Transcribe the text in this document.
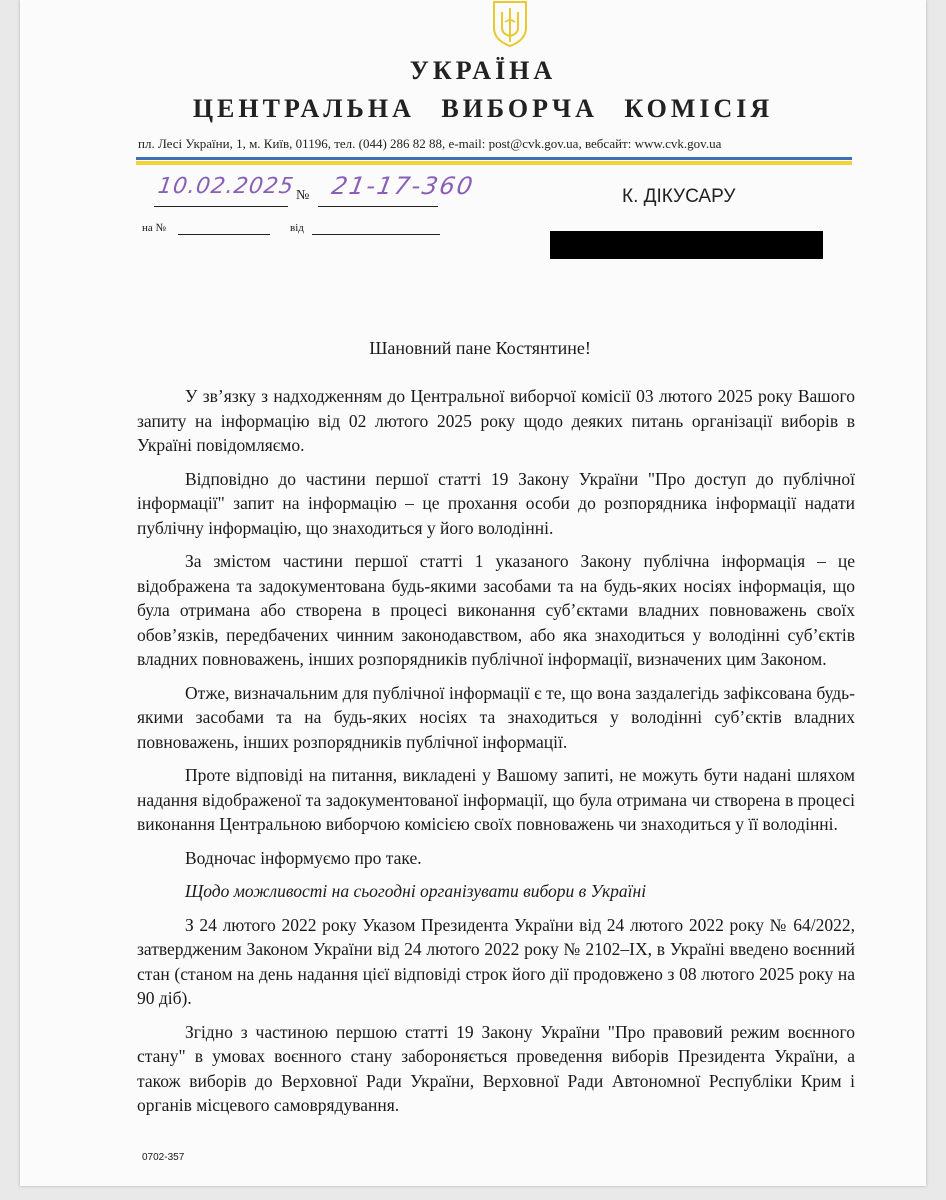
УКРАЇНА
ЦЕНТРАЛЬНА ВИБОРЧА КОМІСІЯ
пл. Лесі України, 1, м. Київ, 01196, тел. (044) 286 82 88, e-mail: post@cvk.gov.ua, вебсайт: www.cvk.gov.ua
10.02.2025 № 21-17-360
на №	від
К. ДІКУСАРУ
Шановний пане Костянтине!

У зв’язку з надходженням до Центральної виборчої комісії 03 лютого 2025 року Вашого запиту на інформацію від 02 лютого 2025 року щодо деяких питань організації виборів в Україні повідомляємо.

Відповідно до частини першої статті 19 Закону України "Про доступ до публічної інформації" запит на інформацію – це прохання особи до розпорядника інформації надати публічну інформацію, що знаходиться у його володінні.

За змістом частини першої статті 1 указаного Закону публічна інформація – це відображена та задокументована будь-якими засобами та на будь-яких носіях інформація, що була отримана або створена в процесі виконання суб’єктами владних повноважень своїх обов’язків, передбачених чинним законодавством, або яка знаходиться у володінні суб’єктів владних повноважень, інших розпорядників публічної інформації, визначених цим Законом.

Отже, визначальним для публічної інформації є те, що вона заздалегідь зафіксована будь-якими засобами та на будь-яких носіях та знаходиться у володінні суб’єктів владних повноважень, інших розпорядників публічної інформації.

Проте відповіді на питання, викладені у Вашому запиті, не можуть бути надані шляхом надання відображеної та задокументованої інформації, що була отримана чи створена в процесі виконання Центральною виборчою комісією своїх повноважень чи знаходиться у її володінні.

Водночас інформуємо про таке.

Щодо можливості на сьогодні організувати вибори в Україні

З 24 лютого 2022 року Указом Президента України від 24 лютого 2022 року № 64/2022, затвердженим Законом України від 24 лютого 2022 року № 2102–IX, в Україні введено воєнний стан (станом на день надання цієї відповіді строк його дії продовжено з 08 лютого 2025 року на 90 діб).

Згідно з частиною першою статті 19 Закону України "Про правовий режим воєнного стану" в умовах воєнного стану забороняється проведення виборів Президента України, а також виборів до Верховної Ради України, Верховної Ради Автономної Республіки Крим і органів місцевого самоврядування.

0702-357
